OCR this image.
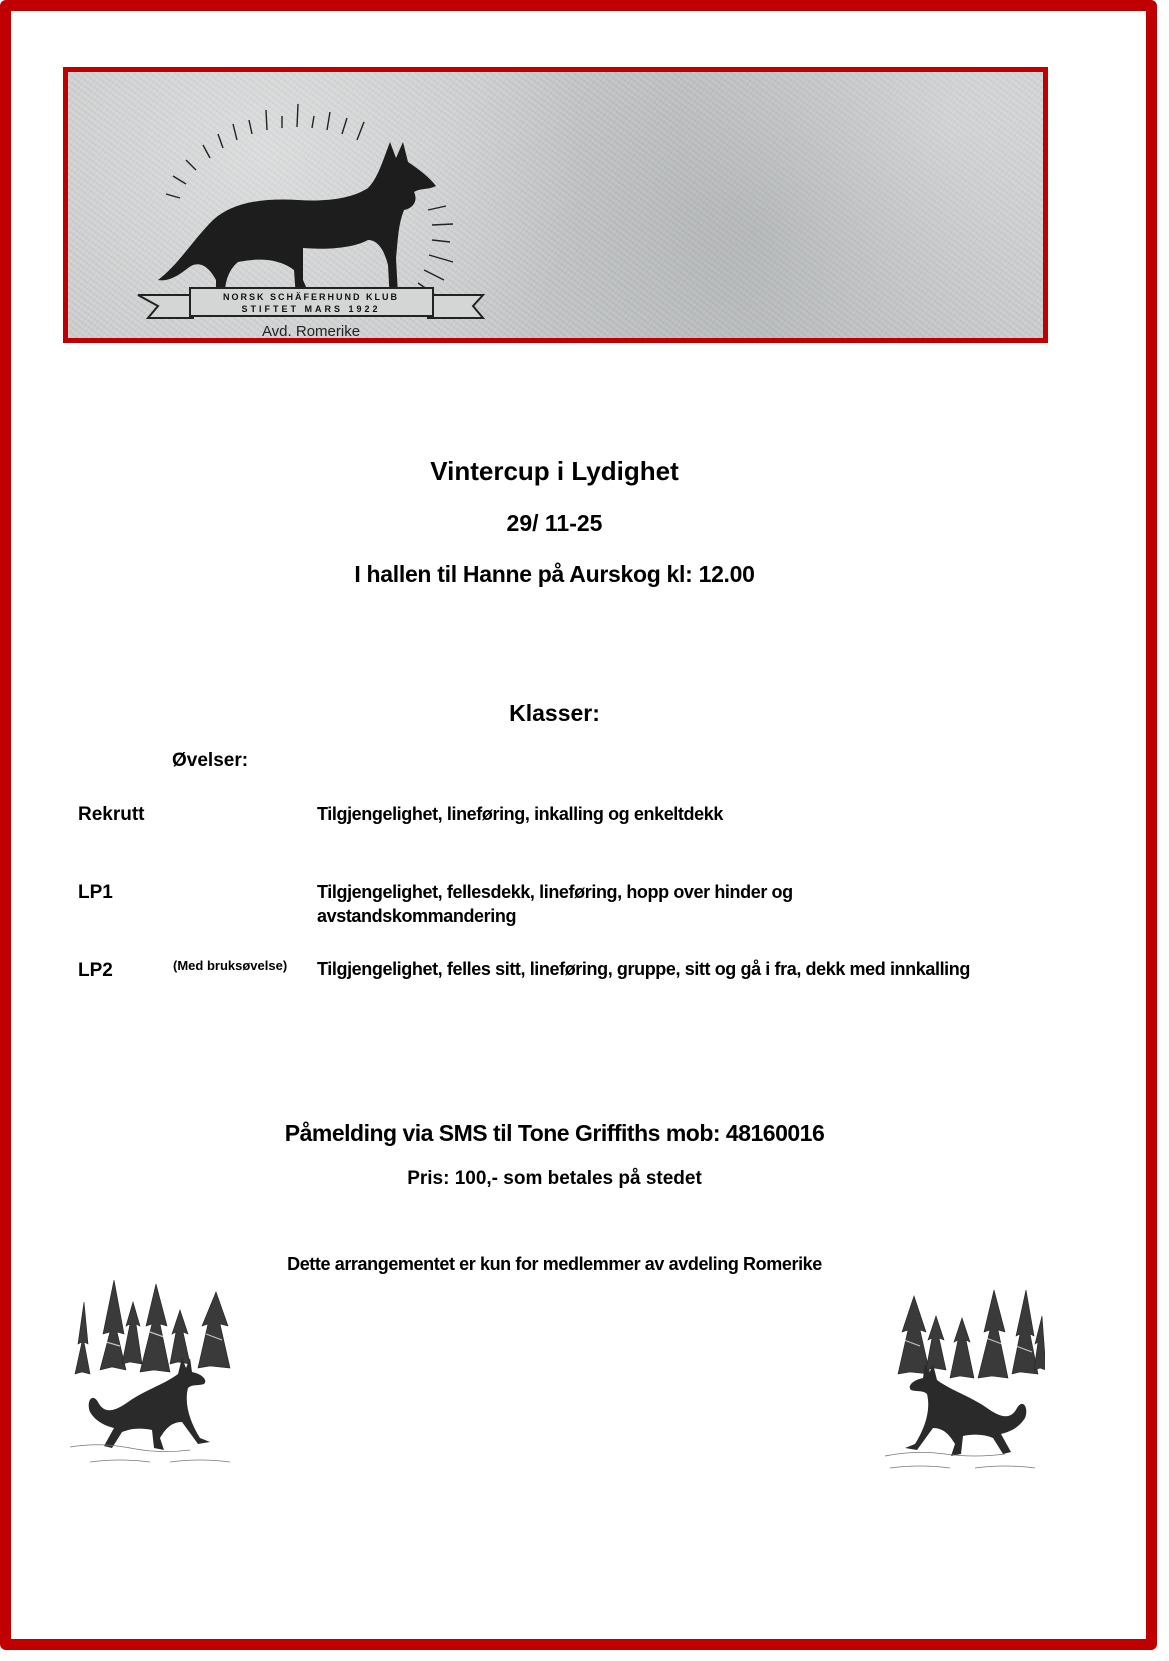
NORSK SCHÄFERHUND KLUB
STIFTET MARS 1922
Avd. Romerike
Vintercup i Lydighet
29/ 11-25
I hallen til Hanne på Aurskog kl: 12.00
Klasser:
Øvelser:
Rekrutt	Tilgjengelighet, lineføring, inkalling og enkeltdekk
LP1	Tilgjengelighet, fellesdekk, lineføring, hopp over hinder og avstandskommandering
LP2	(Med bruksøvelse) Tilgjengelighet, felles sitt, lineføring, gruppe, sitt og gå i fra, dekk med innkalling
Påmelding via SMS til Tone Griffiths mob: 48160016
Pris: 100,- som betales på stedet
Dette arrangementet er kun for medlemmer av avdeling Romerike
